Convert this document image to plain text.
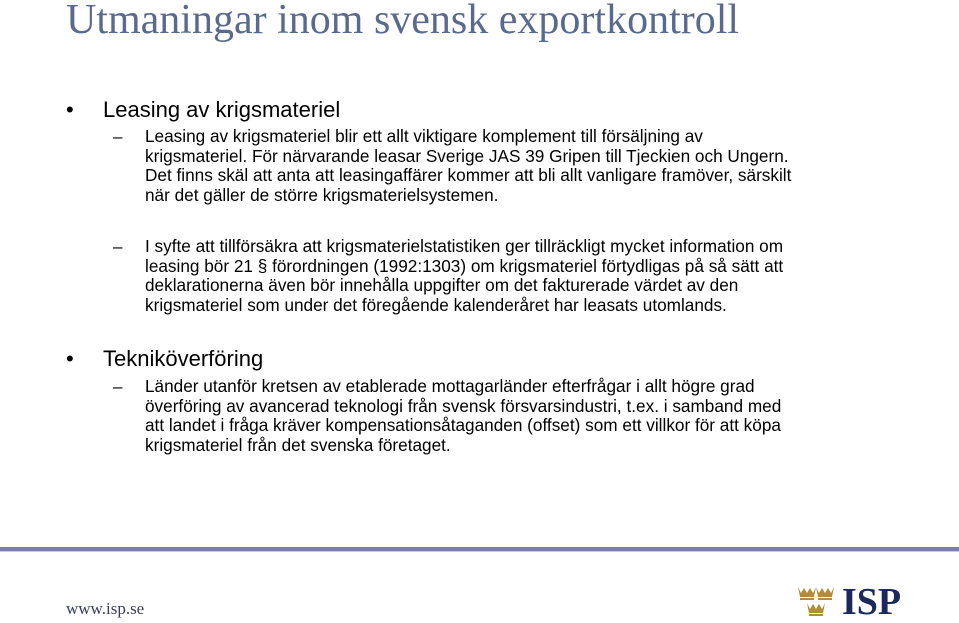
Utmaningar inom svensk exportkontroll
•	Leasing av krigsmateriel
–	Leasing av krigsmateriel blir ett allt viktigare komplement till försäljning av
krigsmateriel. För närvarande leasar Sverige JAS 39 Gripen till Tjeckien och Ungern.
Det finns skäl att anta att leasingaffärer kommer att bli allt vanligare framöver, särskilt
när det gäller de större krigsmaterielsystemen.
–	I syfte att tillförsäkra att krigsmaterielstatistiken ger tillräckligt mycket information om
leasing bör 21 § förordningen (1992:1303) om krigsmateriel förtydligas på så sätt att
deklarationerna även bör innehålla uppgifter om det fakturerade värdet av den
krigsmateriel som under det föregående kalenderåret har leasats utomlands.
•	Tekniköverföring
–	Länder utanför kretsen av etablerade mottagarländer efterfrågar i allt högre grad
överföring av avancerad teknologi från svensk försvarsindustri, t.ex. i samband med
att landet i fråga kräver kompensationsåtaganden (offset) som ett villkor för att köpa
krigsmateriel från det svenska företaget.
www.isp.se	ISP
